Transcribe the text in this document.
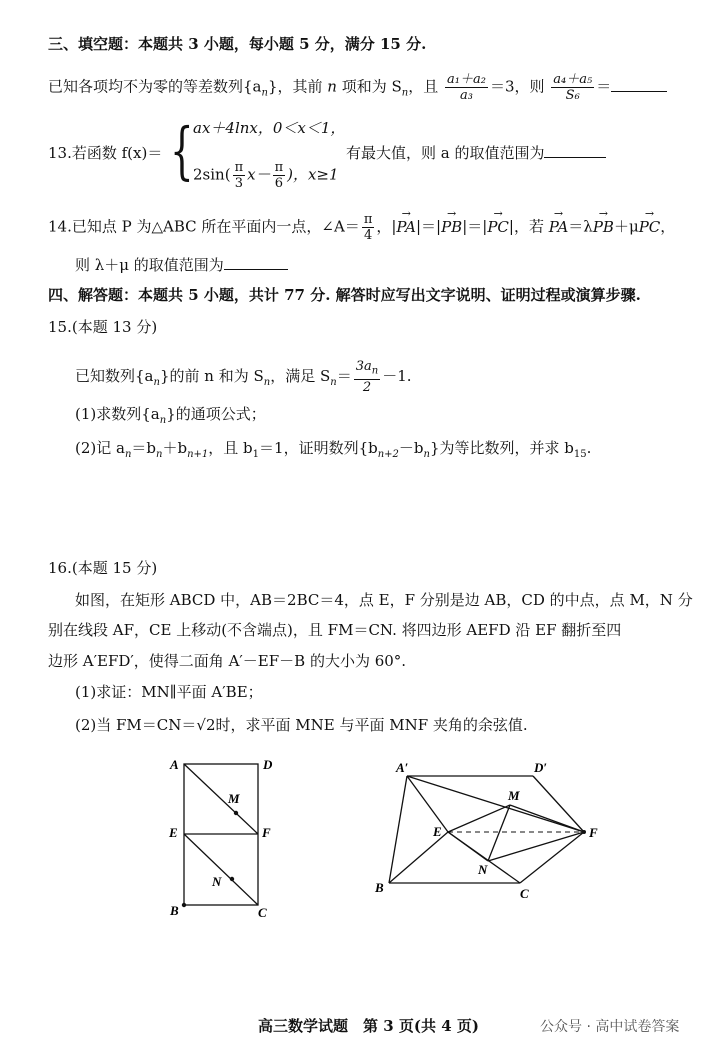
三、填空题：本题共 3 小题，每小题 5 分，满分 15 分.
已知各项均不为零的等差数列$\{a_n\}$，其前 n 项和为 $S_n$，且 $\frac{\text{a₁＋a₂}}{\text{a₃}} =3$，则 $\frac{\text{a₄＋a₅}}{\text{S₆}}$ ＝
13.若函数 f(x)＝ { ax＋4lnx，0＜x＜1，
$2\sin( \frac{\pi}{3} x- \frac{\pi}{6}$ )，x≥1
有最大值，则 a 的取值范围为
14.已知点 P 为△ABC 所在平面内一点，∠A＝ $\frac{\pi}{4}$ ，|→ PA|＝|→ PB|＝|→ PC|，若 → PA＝λ→ PB＋μ→ PC，
则 λ＋μ 的取值范围为
四、解答题：本题共 5 小题，共计 77 分. 解答时应写出文字说明、证明过程或演算步骤.
15.(本题 13 分)
已知数列$\{a_n\}$的前 n 和为 $S_n$，满足 $S_n= \frac{3a_n}{2} -1$.
(1)求数列$\{a_n\}$的通项公式；
(2)记 $a_n=b_n+b_{n+1}$，且 $b_1=1$，证明数列$\{b_{n+2}-b_n\}$为等比数列，并求 $b_{15}$.
16.(本题 15 分)
如图，在矩形 ABCD 中，AB＝2BC＝4，点 E，F 分别是边 AB，CD 的中点，点 M，N 分
别在线段 AF，CE 上移动(不含端点)，且 FM＝CN. 将四边形 AEFD 沿 EF 翻折至四
边形 A′EFD′，使得二面角 A′－EF－B 的大小为 60°.
(1)求证：MN∥平面 A′BE；
(2)当 FM＝CN＝√2时，求平面 MNE 与平面 MNF 夹角的余弦值.
A	D
M
E	F
N
B	C
A′	D′
M
E	F
N
B	C
高三数学试题　第 3 页(共 4 页)	公众号 · 高中试卷答案
